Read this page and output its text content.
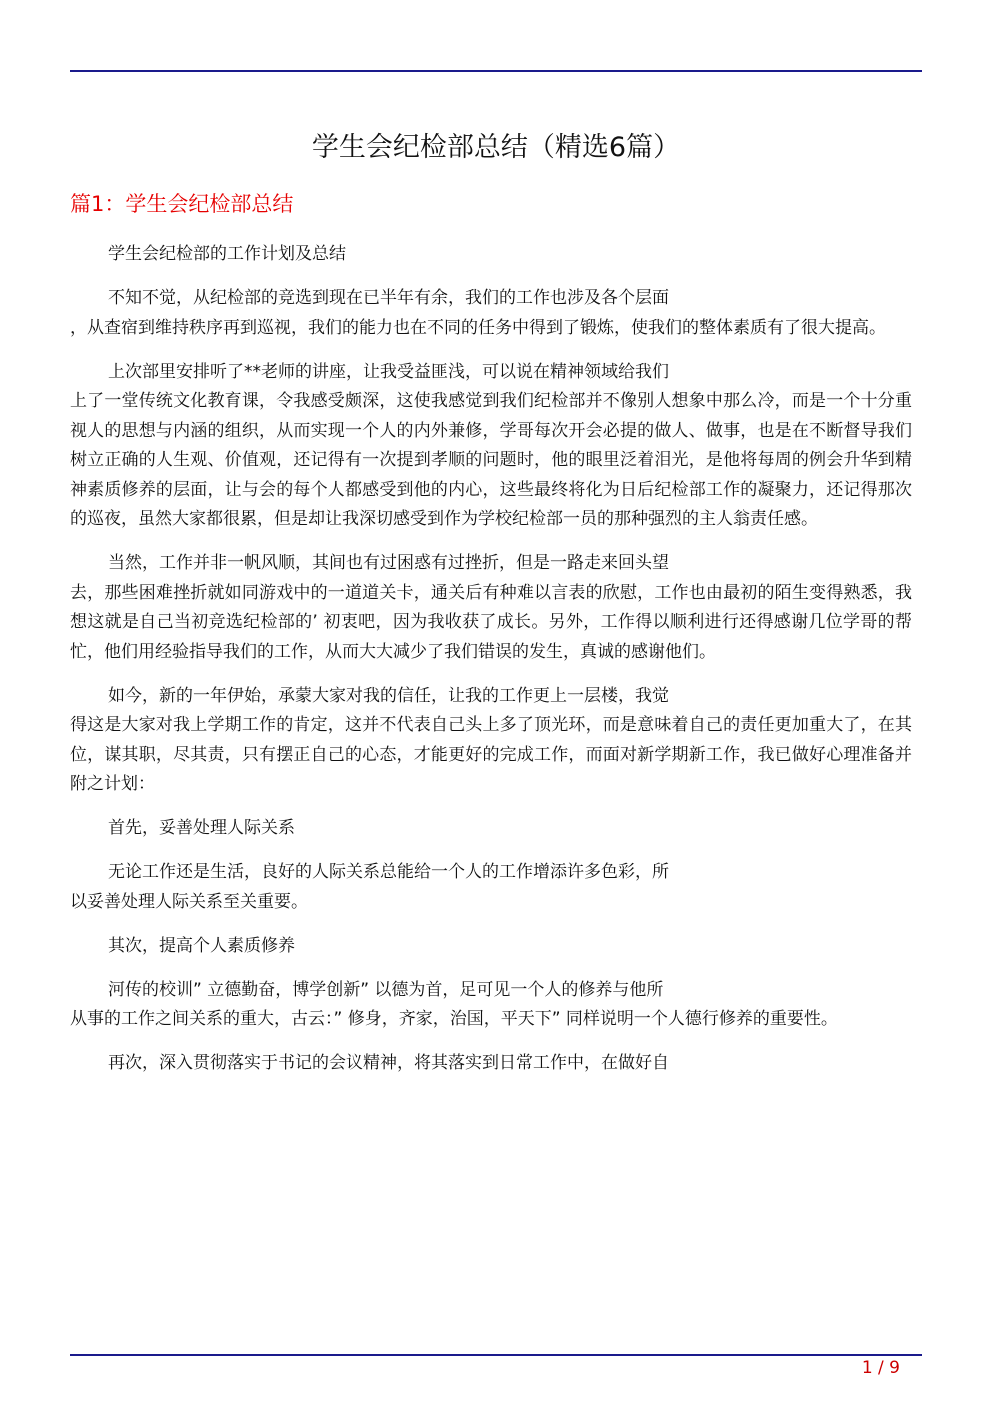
学生会纪检部总结（精选6篇）
篇1：学生会纪检部总结
学生会纪检部的工作计划及总结
不知不觉，从纪检部的竞选到现在已半年有余，我们的工作也涉及各个层面
，从查宿到维持秩序再到巡视，我们的能力也在不同的任务中得到了锻炼，使我们的整体素质有了很大提高。
上次部里安排听了**老师的讲座，让我受益匪浅，可以说在精神领域给我们
上了一堂传统文化教育课，令我感受颇深，这使我感觉到我们纪检部并不像别人想象中那么冷，而是一个十分重视人的思想与内涵的组织，从而实现一个人的内外兼修，学哥每次开会必提的做人、做事，也是在不断督导我们树立正确的人生观、价值观，还记得有一次提到孝顺的问题时，他的眼里泛着泪光，是他将每周的例会升华到精神素质修养的层面，让与会的每个人都感受到他的内心，这些最终将化为日后纪检部工作的凝聚力，还记得那次的巡夜，虽然大家都很累，但是却让我深切感受到作为学校纪检部一员的那种强烈的主人翁责任感。
当然，工作并非一帆风顺，其间也有过困惑有过挫折，但是一路走来回头望
去，那些困难挫折就如同游戏中的一道道关卡，通关后有种难以言表的欣慰，工作也由最初的陌生变得熟悉，我想这就是自己当初竞选纪检部的’ 初衷吧，因为我收获了成长。另外，工作得以顺利进行还得感谢几位学哥的帮忙，他们用经验指导我们的工作，从而大大减少了我们错误的发生，真诚的感谢他们。
如今，新的一年伊始，承蒙大家对我的信任，让我的工作更上一层楼，我觉
得这是大家对我上学期工作的肯定，这并不代表自己头上多了顶光环，而是意味着自己的责任更加重大了，在其位，谋其职，尽其责，只有摆正自己的心态，才能更好的完成工作，而面对新学期新工作，我已做好心理准备并附之计划：
首先，妥善处理人际关系
无论工作还是生活，良好的人际关系总能给一个人的工作增添许多色彩，所
以妥善处理人际关系至关重要。
其次，提高个人素质修养
河传的校训” 立德勤奋，博学创新” 以德为首，足可见一个人的修养与他所
从事的工作之间关系的重大，古云：” 修身，齐家，治国，平天下” 同样说明一个人德行修养的重要性。
再次，深入贯彻落实于书记的会议精神，将其落实到日常工作中，在做好自
1 / 9
